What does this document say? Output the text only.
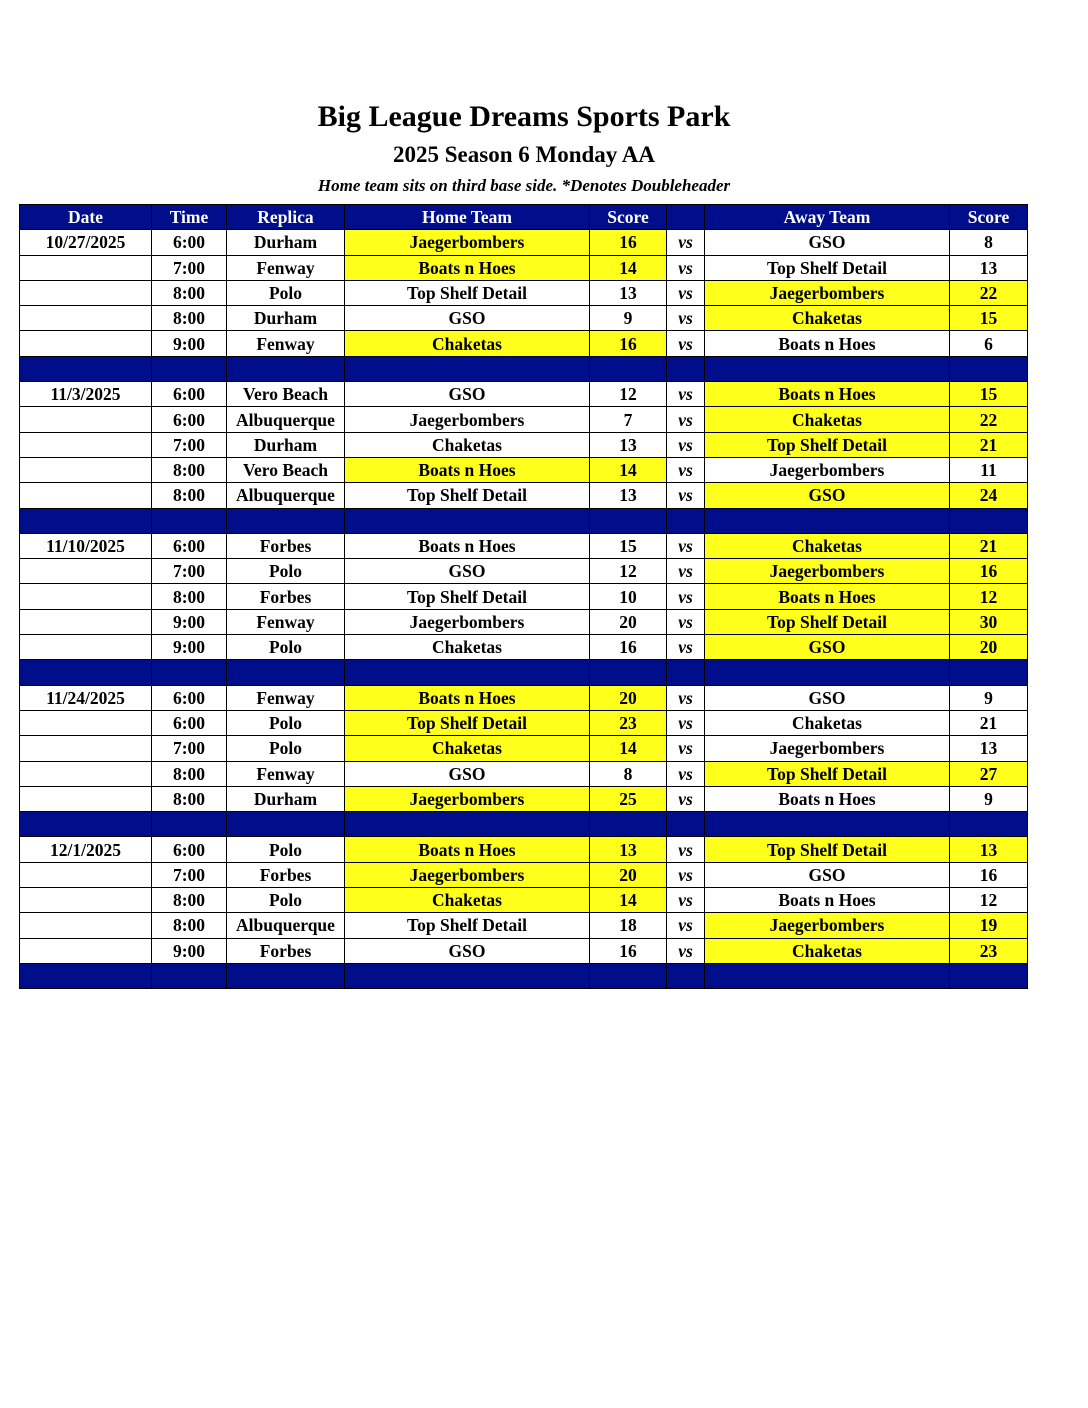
Big League Dreams Sports Park
2025 Season 6 Monday AA
Home team sits on third base side. *Denotes Doubleheader
Date	Time	Replica	Home Team	Score		Away Team	Score
10/27/2025	6:00	Durham	Jaegerbombers	16	vs	GSO	8
	7:00	Fenway	Boats n Hoes	14	vs	Top Shelf Detail	13
	8:00	Polo	Top Shelf Detail	13	vs	Jaegerbombers	22
	8:00	Durham	GSO	9	vs	Chaketas	15
	9:00	Fenway	Chaketas	16	vs	Boats n Hoes	6

11/3/2025	6:00	Vero Beach	GSO	12	vs	Boats n Hoes	15
	6:00	Albuquerque	Jaegerbombers	7	vs	Chaketas	22
	7:00	Durham	Chaketas	13	vs	Top Shelf Detail	21
	8:00	Vero Beach	Boats n Hoes	14	vs	Jaegerbombers	11
	8:00	Albuquerque	Top Shelf Detail	13	vs	GSO	24

11/10/2025	6:00	Forbes	Boats n Hoes	15	vs	Chaketas	21
	7:00	Polo	GSO	12	vs	Jaegerbombers	16
	8:00	Forbes	Top Shelf Detail	10	vs	Boats n Hoes	12
	9:00	Fenway	Jaegerbombers	20	vs	Top Shelf Detail	30
	9:00	Polo	Chaketas	16	vs	GSO	20

11/24/2025	6:00	Fenway	Boats n Hoes	20	vs	GSO	9
	6:00	Polo	Top Shelf Detail	23	vs	Chaketas	21
	7:00	Polo	Chaketas	14	vs	Jaegerbombers	13
	8:00	Fenway	GSO	8	vs	Top Shelf Detail	27
	8:00	Durham	Jaegerbombers	25	vs	Boats n Hoes	9

12/1/2025	6:00	Polo	Boats n Hoes	13	vs	Top Shelf Detail	13
	7:00	Forbes	Jaegerbombers	20	vs	GSO	16
	8:00	Polo	Chaketas	14	vs	Boats n Hoes	12
	8:00	Albuquerque	Top Shelf Detail	18	vs	Jaegerbombers	19
	9:00	Forbes	GSO	16	vs	Chaketas	23
